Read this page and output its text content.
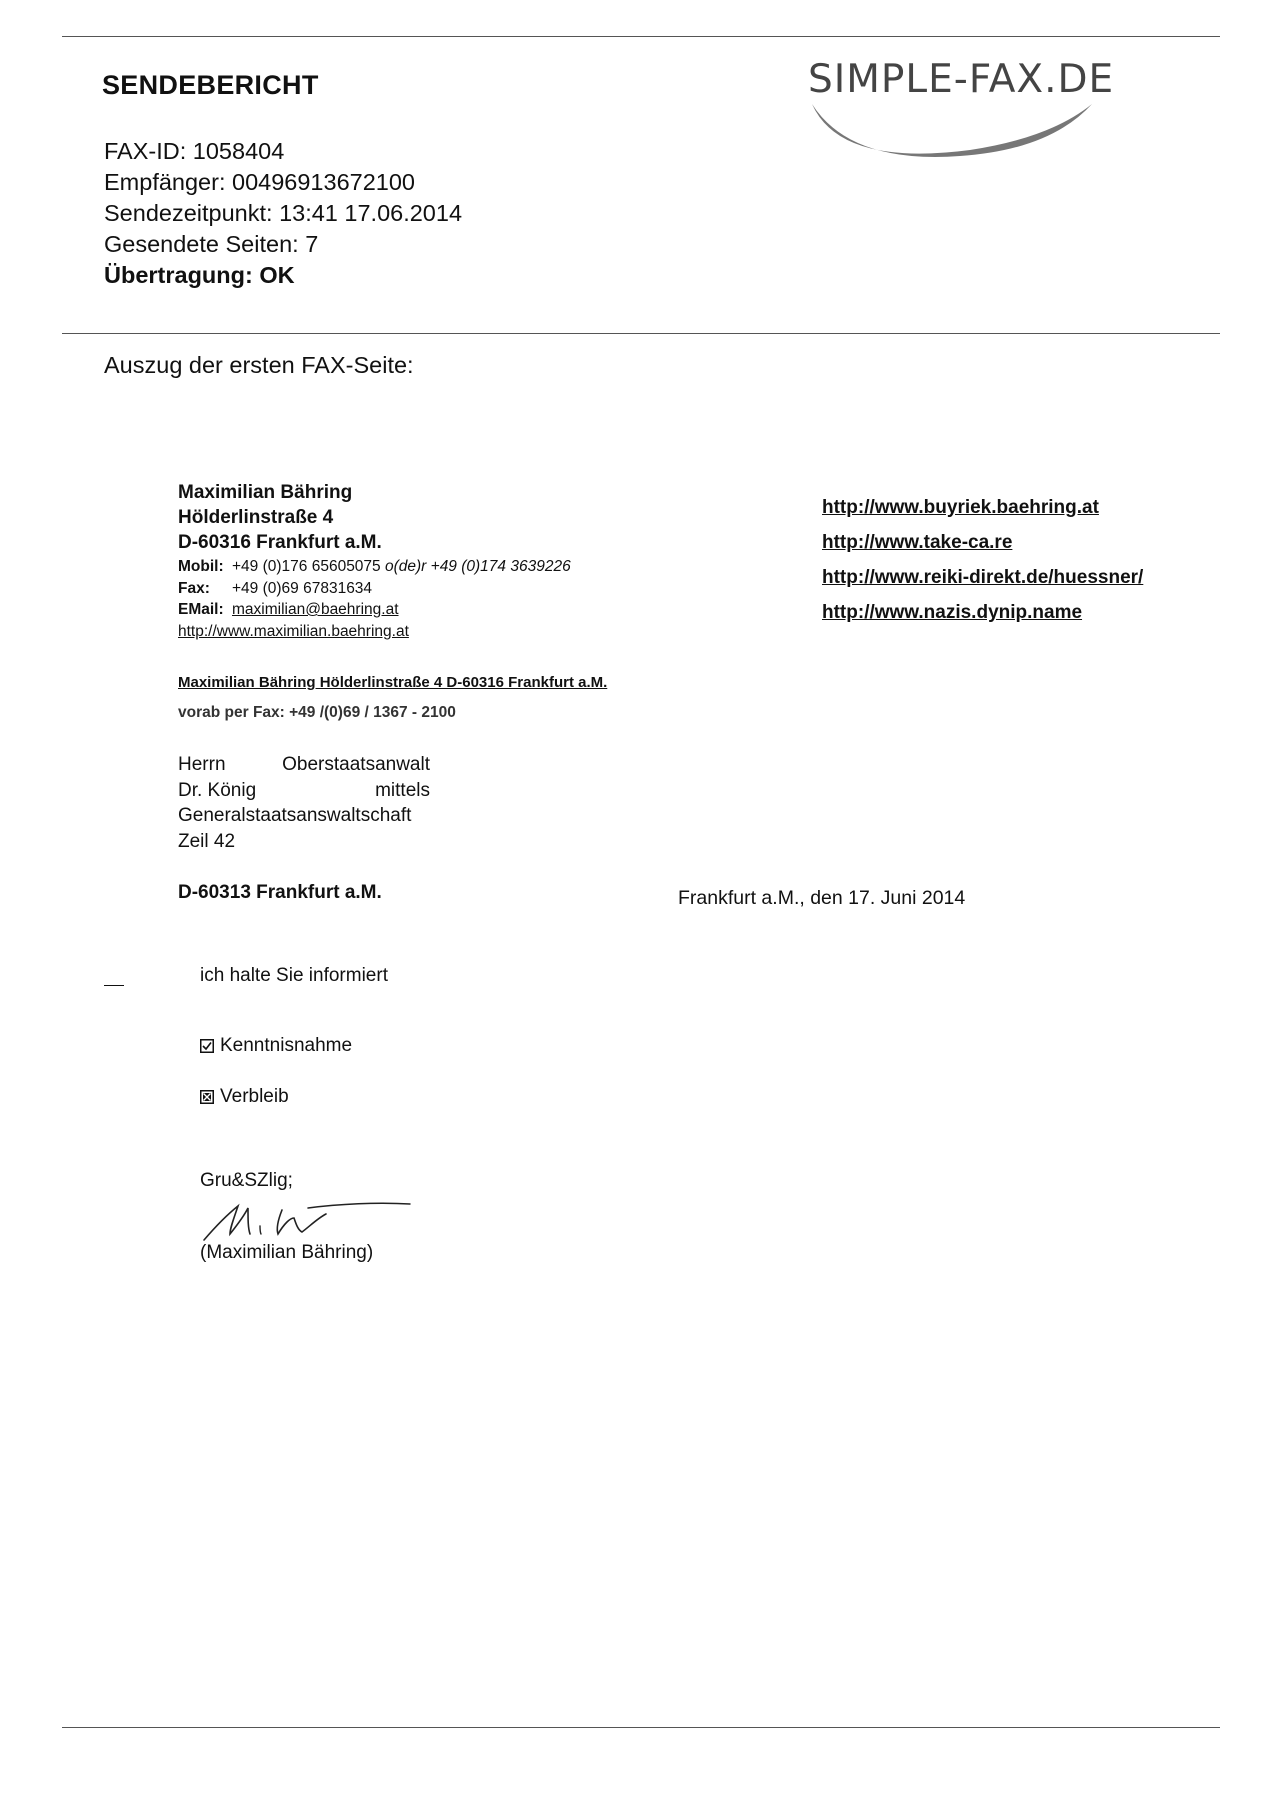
SENDEBERICHT	SIMPLE-FAX.DE
FAX-ID: 1058404
Empfänger: 00496913672100
Sendezeitpunkt: 13:41 17.06.2014
Gesendete Seiten: 7
Übertragung: OK
Auszug der ersten FAX-Seite:
Maximilian Bähring
Hölderlinstraße 4
D-60316 Frankfurt a.M.
Mobil: +49 (0)176 65605075 o(de)r +49 (0)174 3639226
Fax: +49 (0)69 67831634
EMail: maximilian@baehring.at
http://www.maximilian.baehring.at
http://www.buyriek.baehring.at
http://www.take-ca.re
http://www.reiki-direkt.de/huessner/
http://www.nazis.dynip.name
Maximilian Bähring Hölderlinstraße 4 D-60316 Frankfurt a.M.
vorab per Fax: +49 /(0)69 / 1367 - 2100
Herrn	Oberstaatsanwalt
Dr. König	mittels
Generalstaatsanswaltschaft
Zeil 42
D-60313 Frankfurt a.M.	Frankfurt a.M., den 17. Juni 2014
ich halte Sie informiert
Kenntnisnahme
Verbleib
Gru&SZlig;
(Maximilian Bähring)
